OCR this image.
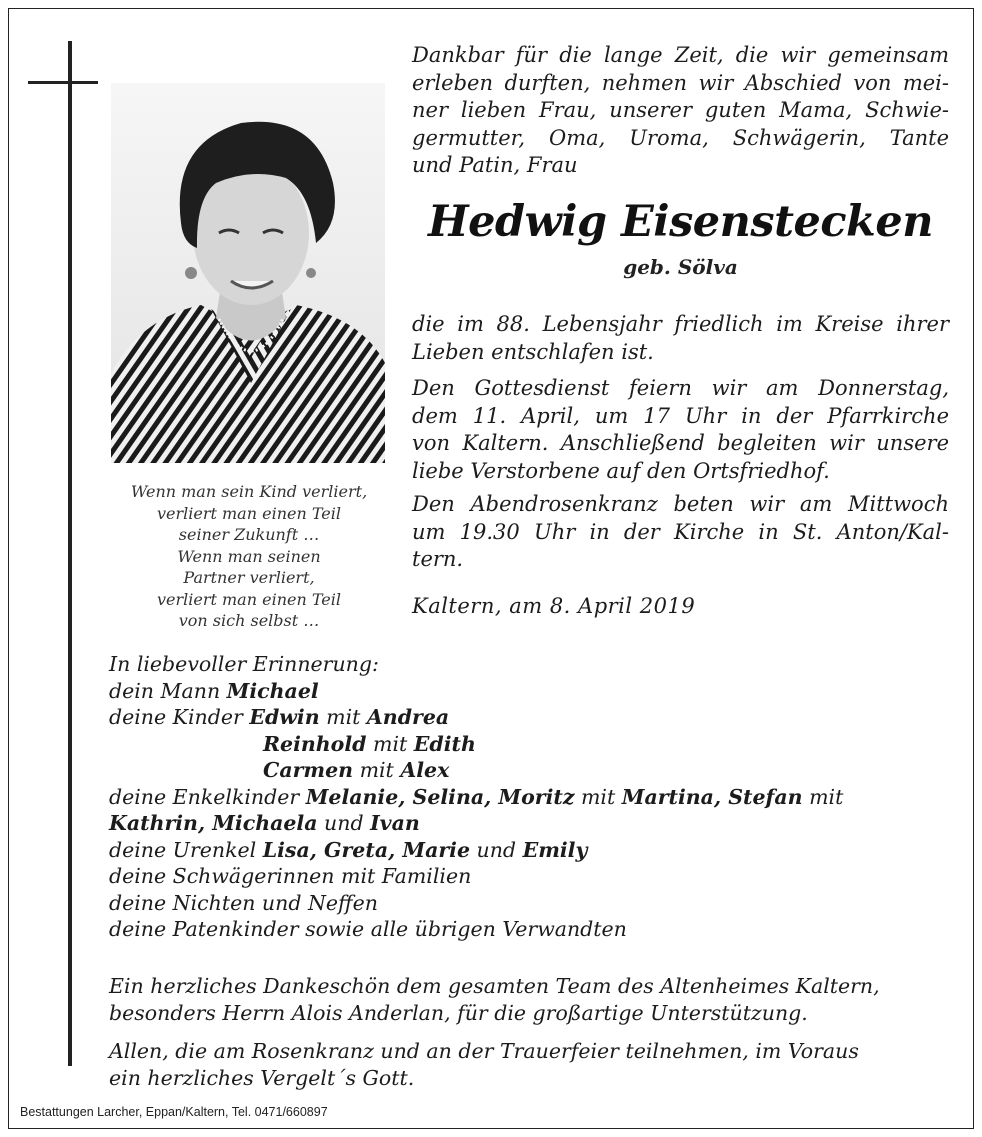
Wenn man sein Kind verliert,
verliert man einen Teil
seiner Zukunft …
Wenn man seinen
Partner verliert,
verliert man einen Teil
von sich selbst …
Dankbar für die lange Zeit, die wir gemeinsam
erleben durften, nehmen wir Abschied von mei-
ner lieben Frau, unserer guten Mama, Schwie-
germutter, Oma, Uroma, Schwägerin, Tante
und Patin, Frau
Hedwig Eisenstecken
geb. Sölva
die im 88. Lebensjahr friedlich im Kreise ihrer
Lieben entschlafen ist.
Den Gottesdienst feiern wir am Donnerstag,
dem 11. April, um 17 Uhr in der Pfarrkirche
von Kaltern. Anschließend begleiten wir unsere
liebe Verstorbene auf den Ortsfriedhof.
Den Abendrosenkranz beten wir am Mittwoch
um 19.30 Uhr in der Kirche in St. Anton/Kal-
tern.
Kaltern, am 8. April 2019
In liebevoller Erinnerung:
dein Mann Michael
deine Kinder Edwin mit Andrea
Reinhold mit Edith
Carmen mit Alex
deine Enkelkinder Melanie, Selina, Moritz mit Martina, Stefan mit
Kathrin, Michaela und Ivan
deine Urenkel Lisa, Greta, Marie und Emily
deine Schwägerinnen mit Familien
deine Nichten und Neffen
deine Patenkinder sowie alle übrigen Verwandten
Ein herzliches Dankeschön dem gesamten Team des Altenheimes Kaltern,
besonders Herrn Alois Anderlan, für die großartige Unterstützung.
Allen, die am Rosenkranz und an der Trauerfeier teilnehmen, im Voraus
ein herzliches Vergelt´s Gott.
Bestattungen Larcher, Eppan/Kaltern, Tel. 0471/660897
